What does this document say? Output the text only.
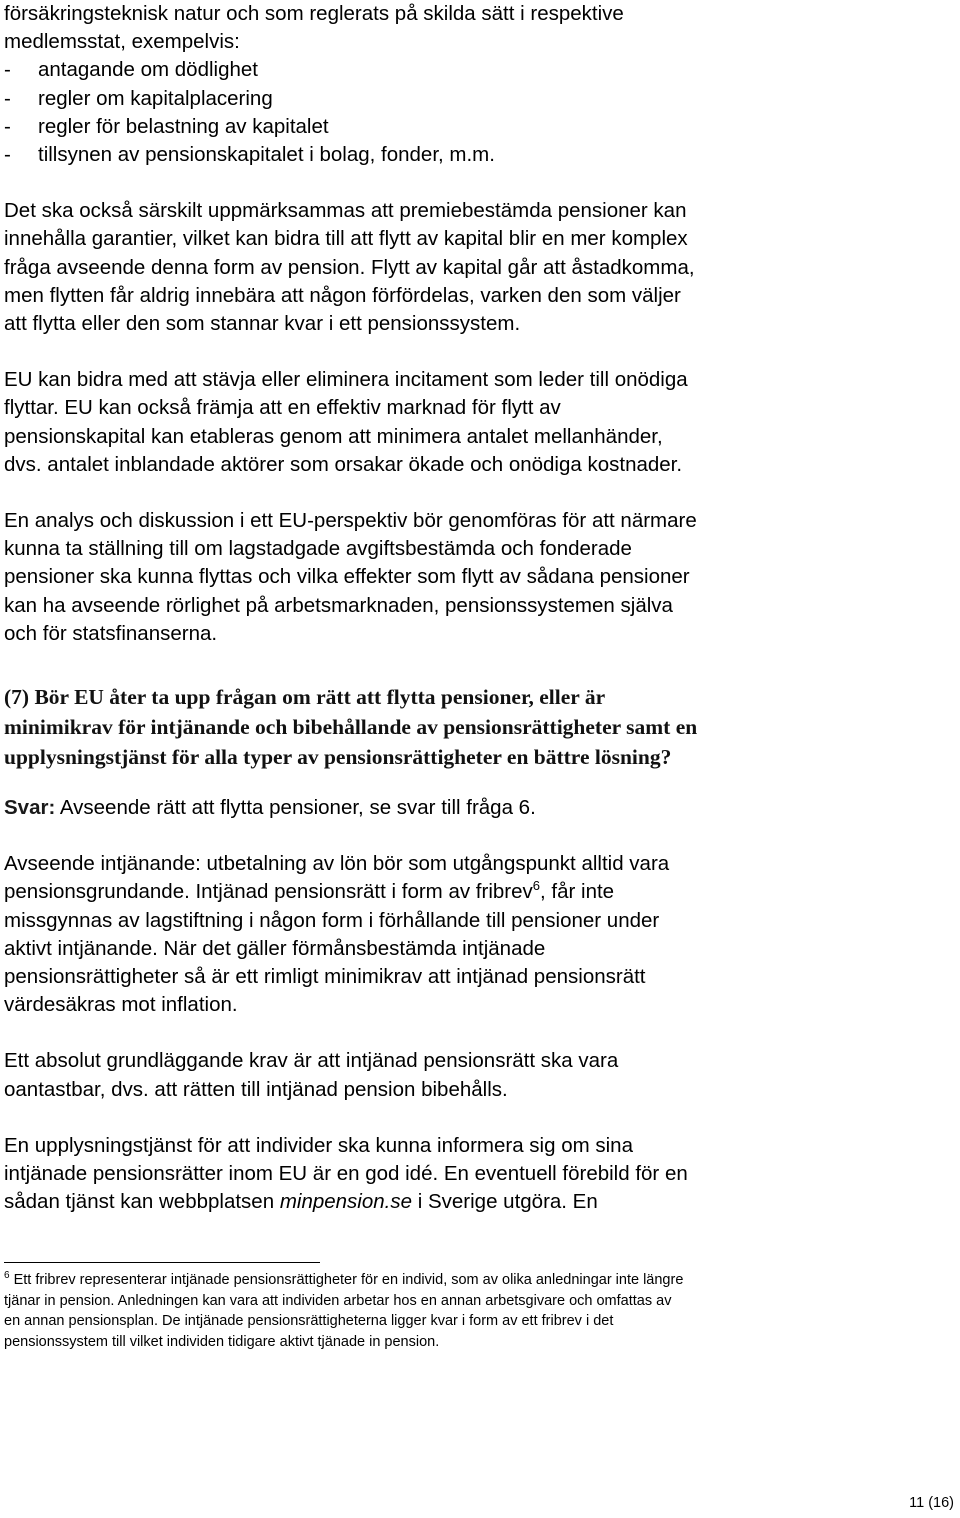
försäkringsteknisk natur och som reglerats på skilda sätt i respektive
medlemsstat, exempelvis:

-	antagande om dödlighet
-	regler om kapitalplacering
-	regler för belastning av kapitalet
-	tillsynen av pensionskapitalet i bolag, fonder, m.m.

Det ska också särskilt uppmärksammas att premiebestämda pensioner kan
innehålla garantier, vilket kan bidra till att flytt av kapital blir en mer komplex
fråga avseende denna form av pension. Flytt av kapital går att åstadkomma,
men flytten får aldrig innebära att någon förfördelas, varken den som väljer
att flytta eller den som stannar kvar i ett pensionssystem.

EU kan bidra med att stävja eller eliminera incitament som leder till onödiga
flyttar. EU kan också främja att en effektiv marknad för flytt av
pensionskapital kan etableras genom att minimera antalet mellanhänder,
dvs. antalet inblandade aktörer som orsakar ökade och onödiga kostnader.

En analys och diskussion i ett EU-perspektiv bör genomföras för att närmare
kunna ta ställning till om lagstadgade avgiftsbestämda och fonderade
pensioner ska kunna flyttas och vilka effekter som flytt av sådana pensioner
kan ha avseende rörlighet på arbetsmarknaden, pensionssystemen själva
och för statsfinanserna.

(7) Bör EU åter ta upp frågan om rätt att flytta pensioner, eller är
minimikrav för intjänande och bibehållande av pensionsrättigheter samt en
upplysningstjänst för alla typer av pensionsrättigheter en bättre lösning?

Svar: Avseende rätt att flytta pensioner, se svar till fråga 6.

Avseende intjänande: utbetalning av lön bör som utgångspunkt alltid vara
pensionsgrundande. Intjänad pensionsrätt i form av fribrev$^6$, får inte
missgynnas av lagstiftning i någon form i förhållande till pensioner under
aktivt intjänande. När det gäller förmånsbestämda intjänade
pensionsrättigheter så är ett rimligt minimikrav att intjänad pensionsrätt
värdesäkras mot inflation.

Ett absolut grundläggande krav är att intjänad pensionsrätt ska vara
oantastbar, dvs. att rätten till intjänad pension bibehålls.

En upplysningstjänst för att individer ska kunna informera sig om sina
intjänade pensionsrätter inom EU är en god idé. En eventuell förebild för en
sådan tjänst kan webbplatsen minpension.se i Sverige utgöra. En

$^6$ Ett fribrev representerar intjänade pensionsrättigheter för en individ, som av olika anledningar inte längre
tjänar in pension. Anledningen kan vara att individen arbetar hos en annan arbetsgivare och omfattas av
en annan pensionsplan. De intjänade pensionsrättigheterna ligger kvar i form av ett fribrev i det
pensionssystem till vilket individen tidigare aktivt tjänade in pension.

11 (16)
